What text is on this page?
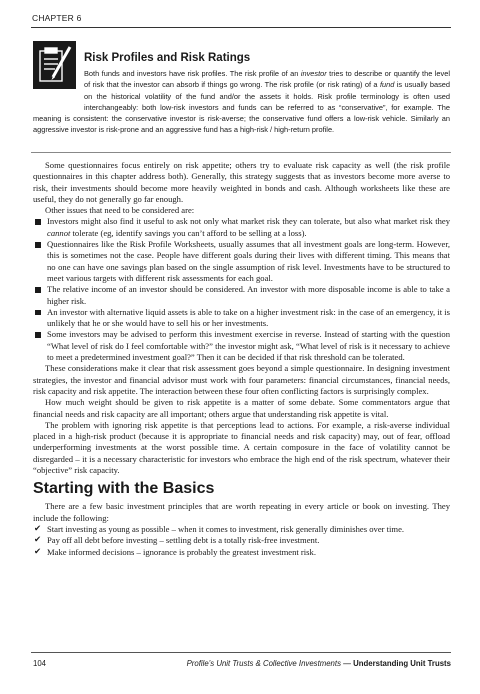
CHAPTER 6
Risk Profiles and Risk Ratings

Both funds and investors have risk profiles. The risk profile of an investor tries to describe or quantify the level of risk that the investor can absorb if things go wrong. The risk profile (or risk rating) of a fund is usually based on the historical volatility of the fund and/or the assets it holds. Risk profile terminology is often used interchangeably: both low-risk investors and funds can be referred to as “conservative”, for example. The meaning is consistent: the conservative investor is risk-averse; the conservative fund offers a low-risk vehicle. Similarly an aggressive investor is risk-prone and an aggressive fund has a high-risk / high-return profile.

Some questionnaires focus entirely on risk appetite; others try to evaluate risk capacity as well (the risk profile questionnaires in this chapter address both). Generally, this strategy suggests that as investors become more averse to risk, their investments should become more heavily weighted in bonds and cash. Although worksheets like these are useful, they do not generally go far enough.

Other issues that need to be considered are:

Investors might also find it useful to ask not only what market risk they can tolerate, but also what market risk they cannot tolerate (eg, identify savings you can’t afford to be selling at a loss).
Questionnaires like the Risk Profile Worksheets, usually assumes that all investment goals are long-term. However, this is sometimes not the case. People have different goals during their lives with different timing. This means that no one can have one savings plan based on the single assumption of risk level. Investments have to be structured to meet various targets with different risk assessments for each goal.
The relative income of an investor should be considered. An investor with more disposable income is able to take a higher risk.
An investor with alternative liquid assets is able to take on a higher investment risk: in the case of an emergency, it is unlikely that he or she would have to sell his or her investments.
Some investors may be advised to perform this investment exercise in reverse. Instead of starting with the question “What level of risk do I feel comfortable with?” the investor might ask, “What level of risk is it necessary to achieve to meet a predetermined investment goal?” Then it can be decided if that risk threshold can be tolerated.

These considerations make it clear that risk assessment goes beyond a simple questionnaire. In designing investment strategies, the investor and financial advisor must work with four parameters: financial circumstances, financial needs, risk capacity and risk appetite. The interaction between these four often conflicting factors is surprisingly complex.

How much weight should be given to risk appetite is a matter of some debate. Some commentators argue that financial needs and risk capacity are all important; others argue that understanding risk appetite is vital.

The problem with ignoring risk appetite is that perceptions lead to actions. For example, a risk-averse individual placed in a high-risk product (because it is appropriate to financial needs and risk capacity) may, out of fear, offload underperforming investments at the worst possible time. A certain composure in the face of volatility cannot be disregarded – it is a necessary characteristic for investors who embrace the high end of the risk spectrum, whatever their “objective” risk capacity.

Starting with the Basics

There are a few basic investment principles that are worth repeating in every article or book on investing. They include the following:

✔ Start investing as young as possible – when it comes to investment, risk generally diminishes over time.
✔ Pay off all debt before investing – settling debt is a totally risk-free investment.
✔ Make informed decisions – ignorance is probably the greatest investment risk.
104	Profile’s Unit Trusts & Collective Investments — Understanding Unit Trusts
